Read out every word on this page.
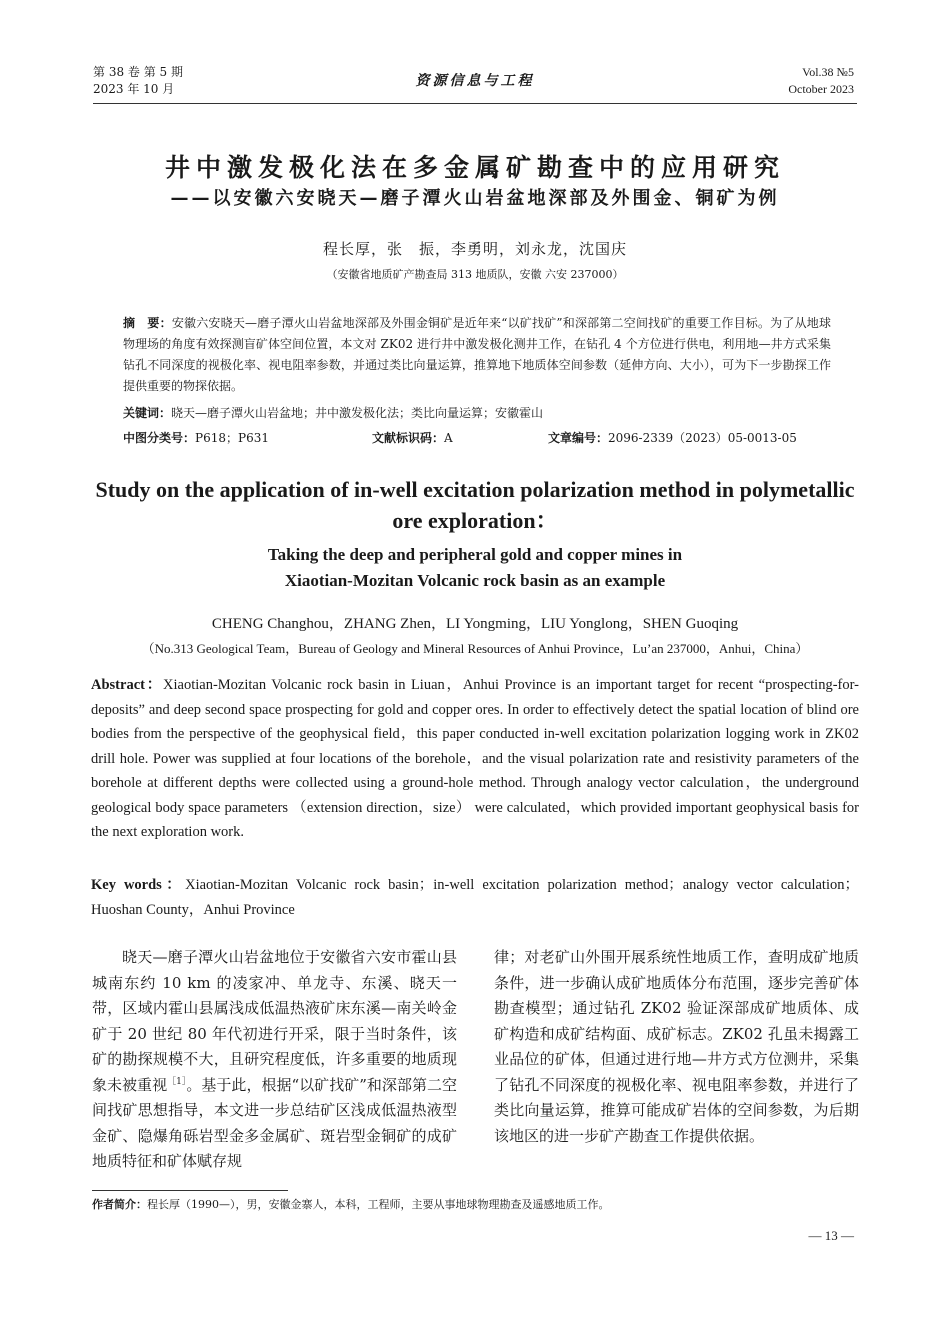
第 38 卷 第 5 期
2023 年 10 月	资源信息与工程
Vol.38 №5
October 2023
井中激发极化法在多金属矿勘查中的应用研究
——以安徽六安晓天—磨子潭火山岩盆地深部及外围金、铜矿为例
程长厚，张　振，李勇明，刘永龙，沈国庆
（安徽省地质矿产勘查局 313 地质队，安徽 六安 237000）
摘　要：安徽六安晓天—磨子潭火山岩盆地深部及外围金铜矿是近年来“以矿找矿”和深部第二空间找矿的重要工作目标。为了从地球物理场的角度有效探测盲矿体空间位置，本文对 ZK02 进行井中激发极化测井工作，在钻孔 4 个方位进行供电，利用地—井方式采集钻孔不同深度的视极化率、视电阻率参数，并通过类比向量运算，推算地下地质体空间参数（延伸方向、大小），可为下一步勘探工作提供重要的物探依据。
关键词：晓天—磨子潭火山岩盆地；井中激发极化法；类比向量运算；安徽霍山
中图分类号：P618；P631	文献标识码：A	文章编号：2096-2339（2023）05-0013-05
Study on the application of in-well excitation polarization method in polymetallic ore exploration：
Taking the deep and peripheral gold and copper mines in
Xiaotian-Mozitan Volcanic rock basin as an example
CHENG Changhou，ZHANG Zhen，LI Yongming，LIU Yonglong，SHEN Guoqing
（No.313 Geological Team，Bureau of Geology and Mineral Resources of Anhui Province，Lu’an 237000，Anhui，China）
Abstract：Xiaotian-Mozitan Volcanic rock basin in Liuan，Anhui Province is an important target for recent “prospecting-for-deposits” and deep second space prospecting for gold and copper ores. In order to effectively detect the spatial location of blind ore bodies from the perspective of the geophysical field，this paper conducted in-well excitation polarization logging work in ZK02 drill hole. Power was supplied at four locations of the borehole，and the visual polarization rate and resistivity parameters of the borehole at different depths were collected using a ground-hole method. Through analogy vector calculation，the underground geological body space parameters （extension direction，size） were calculated，which provided important geophysical basis for the next exploration work.
Key words：Xiaotian-Mozitan Volcanic rock basin；in-well excitation polarization method；analogy vector calculation；Huoshan County，Anhui Province
晓天—磨子潭火山岩盆地位于安徽省六安市霍山县城南东约 10 km 的凌家冲、单龙寺、东溪、晓天一带，区域内霍山县属浅成低温热液矿床东溪—南关岭金矿于 20 世纪 80 年代初进行开采，限于当时条件，该矿的勘探规模不大，且研究程度低，许多重要的地质现象未被重视$^{[1]}$。基于此，根据“以矿找矿”和深部第二空间找矿思想指导，本文进一步总结矿区浅成低温热液型金矿、隐爆角砾岩型金多金属矿、斑岩型金铜矿的成矿地质特征和矿体赋存规
律；对老矿山外围开展系统性地质工作，查明成矿地质条件，进一步确认成矿地质体分布范围，逐步完善矿体勘查模型；通过钻孔 ZK02 验证深部成矿地质体、成矿构造和成矿结构面、成矿标志。ZK02 孔虽未揭露工业品位的矿体，但通过进行地—井方式方位测井，采集了钻孔不同深度的视极化率、视电阻率参数，并进行了类比向量运算，推算可能成矿岩体的空间参数，为后期该地区的进一步矿产勘查工作提供依据。
作者简介：程长厚（1990—），男，安徽金寨人，本科，工程师，主要从事地球物理勘查及遥感地质工作。
— 13 —
